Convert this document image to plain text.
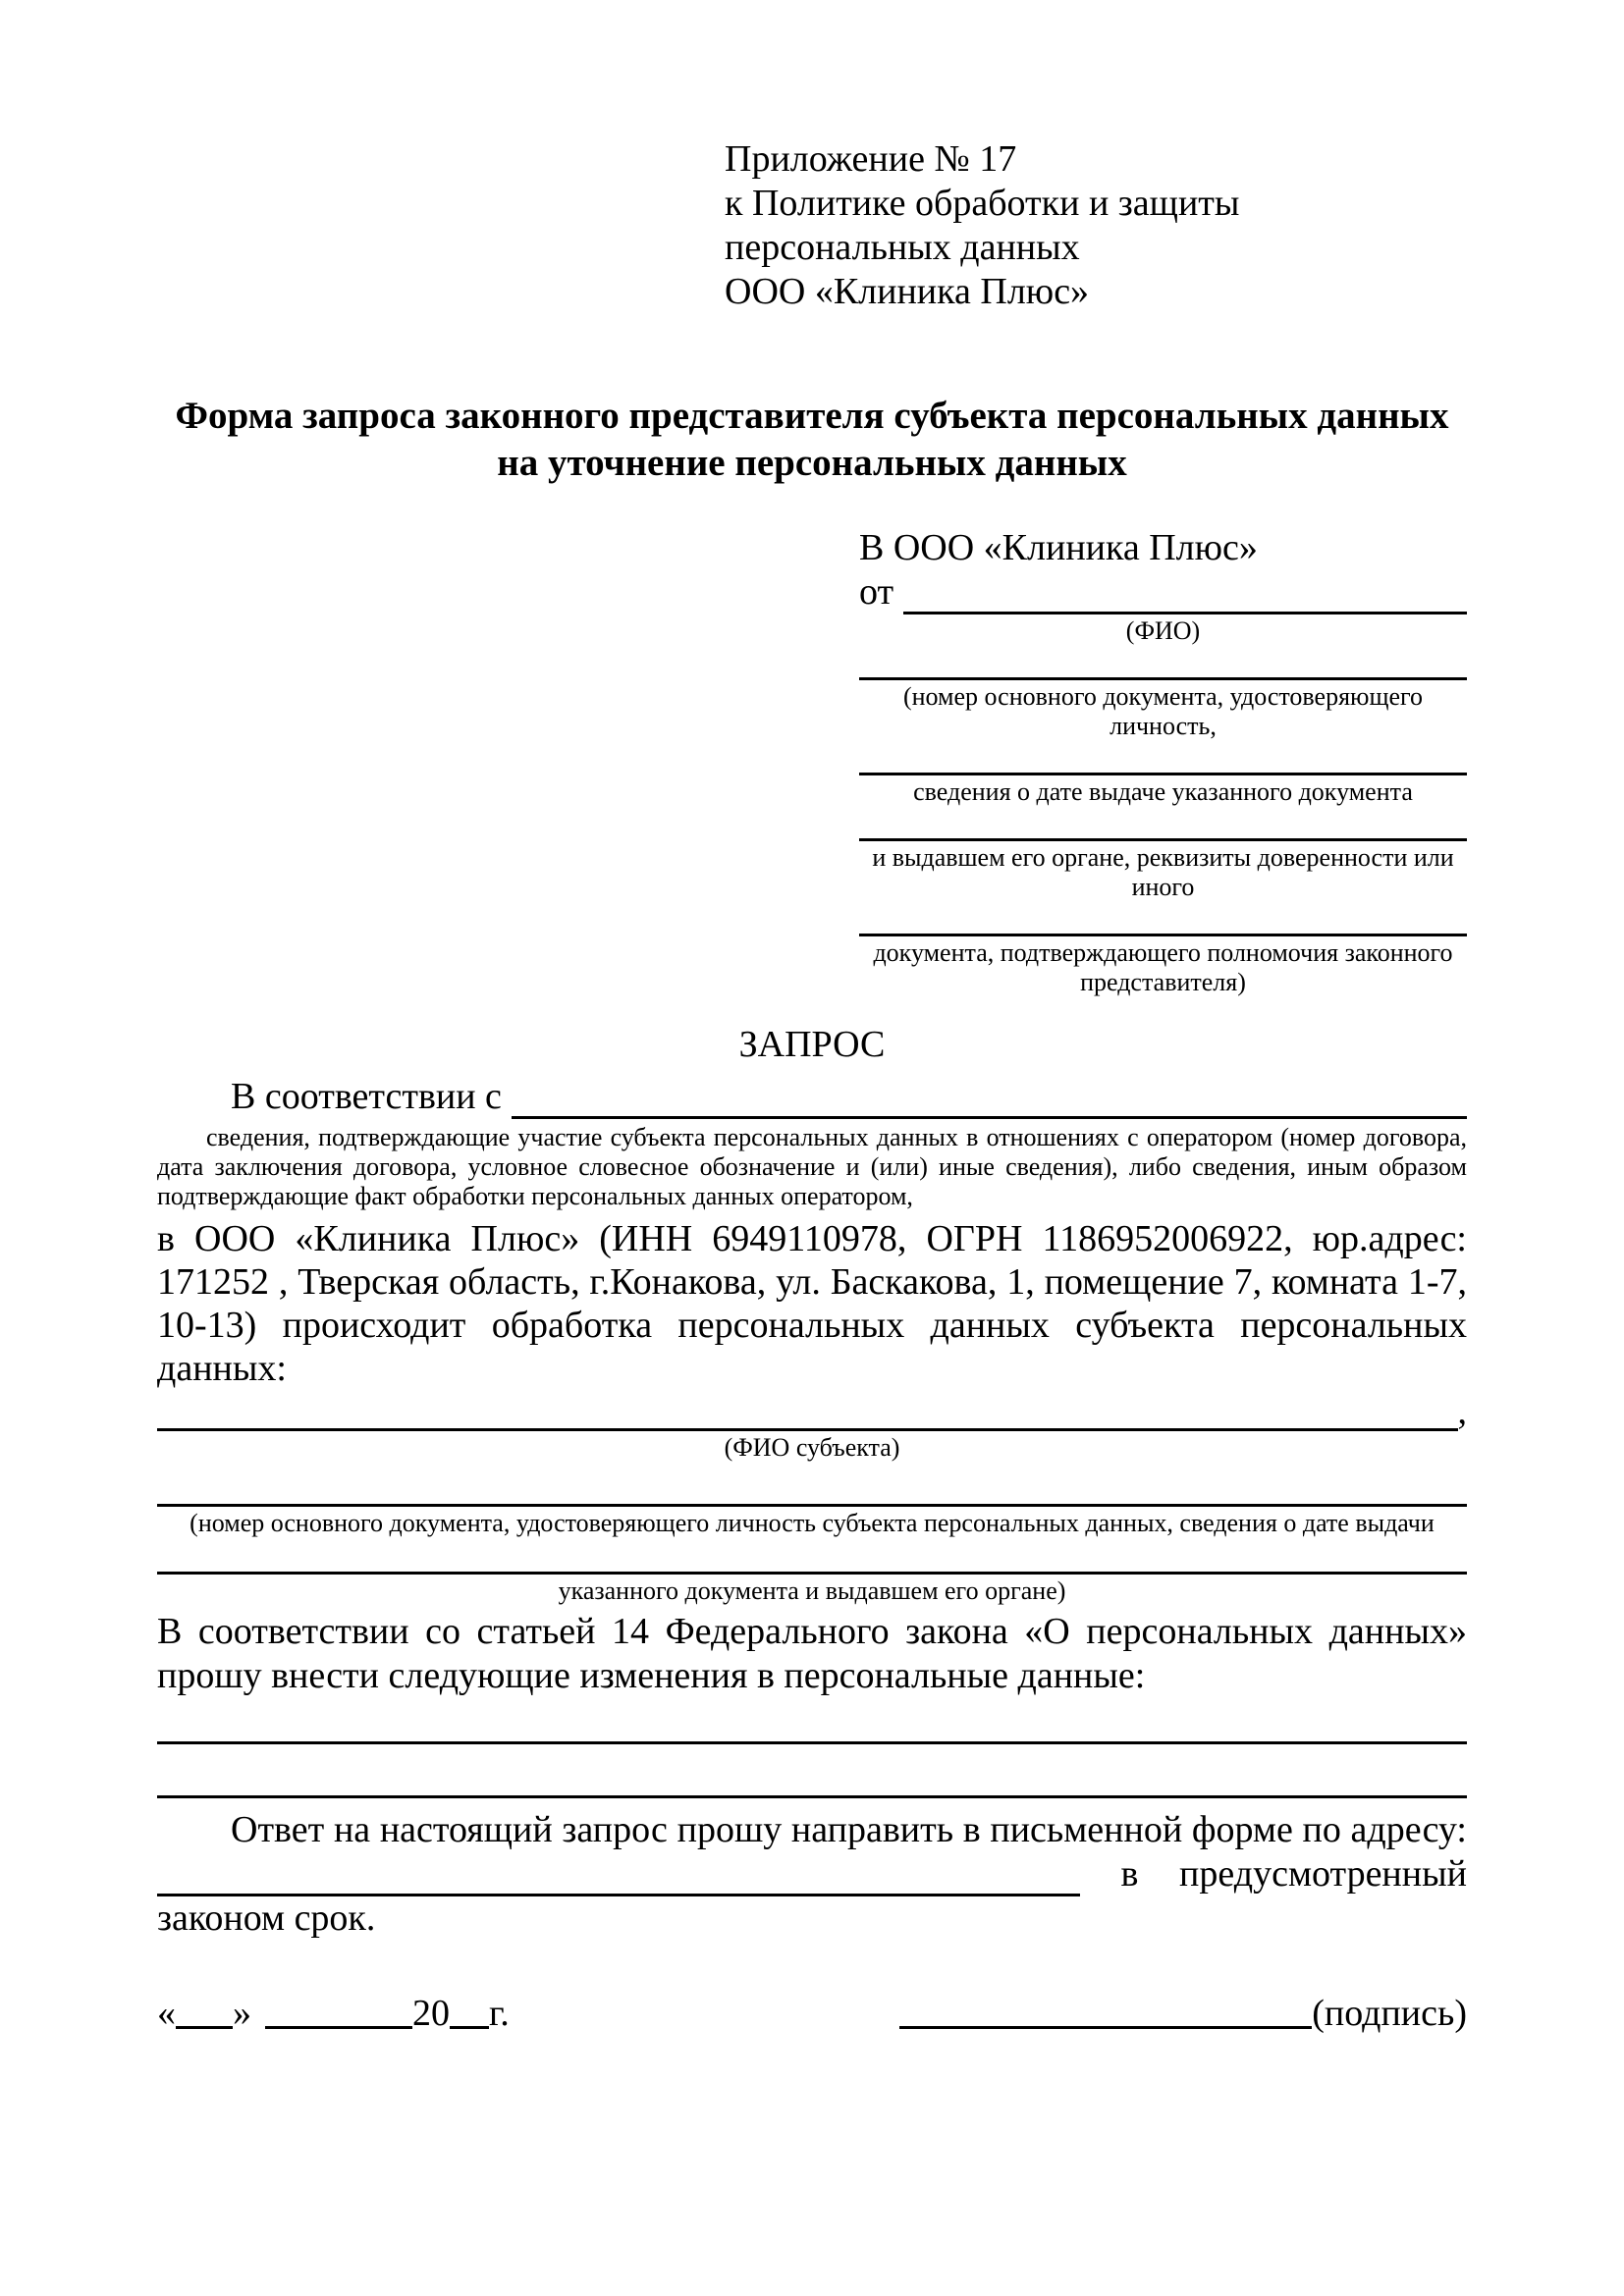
Приложение № 17
к Политике обработки и защиты
персональных данных
ООО «Клиника Плюс»
Форма запроса законного представителя субъекта персональных данных
на уточнение персональных данных
В ООО «Клиника Плюс»
от
(ФИО)
(номер основного документа, удостоверяющего личность,
сведения о дате выдаче указанного документа
и выдавшем его органе, реквизиты доверенности или иного
документа, подтверждающего полномочия законного представителя)
ЗАПРОС
В соответствии с
сведения, подтверждающие участие субъекта персональных данных в отношениях с оператором (номер договора, дата заключения договора, условное словесное обозначение и (или) иные сведения), либо сведения, иным образом подтверждающие факт обработки персональных данных оператором,
в ООО «Клиника Плюс» (ИНН 6949110978, ОГРН 1186952006922, юр.адрес: 171252 , Тверская область, г.Конакова, ул. Баскакова, 1, помещение 7, комната 1-7, 10-13) происходит обработка персональных данных субъекта персональных данных:
,
(ФИО субъекта)
(номер основного документа, удостоверяющего личность субъекта персональных данных, сведения о дате выдачи
указанного документа и выдавшем его органе)
В соответствии со статьей 14 Федерального закона «О персональных данных» прошу внести следующие изменения в персональные данные:
Ответ на настоящий запрос прошу направить в письменной форме по адресу:
в предусмотренный
законом срок.
« »	20 г.	(подпись)
